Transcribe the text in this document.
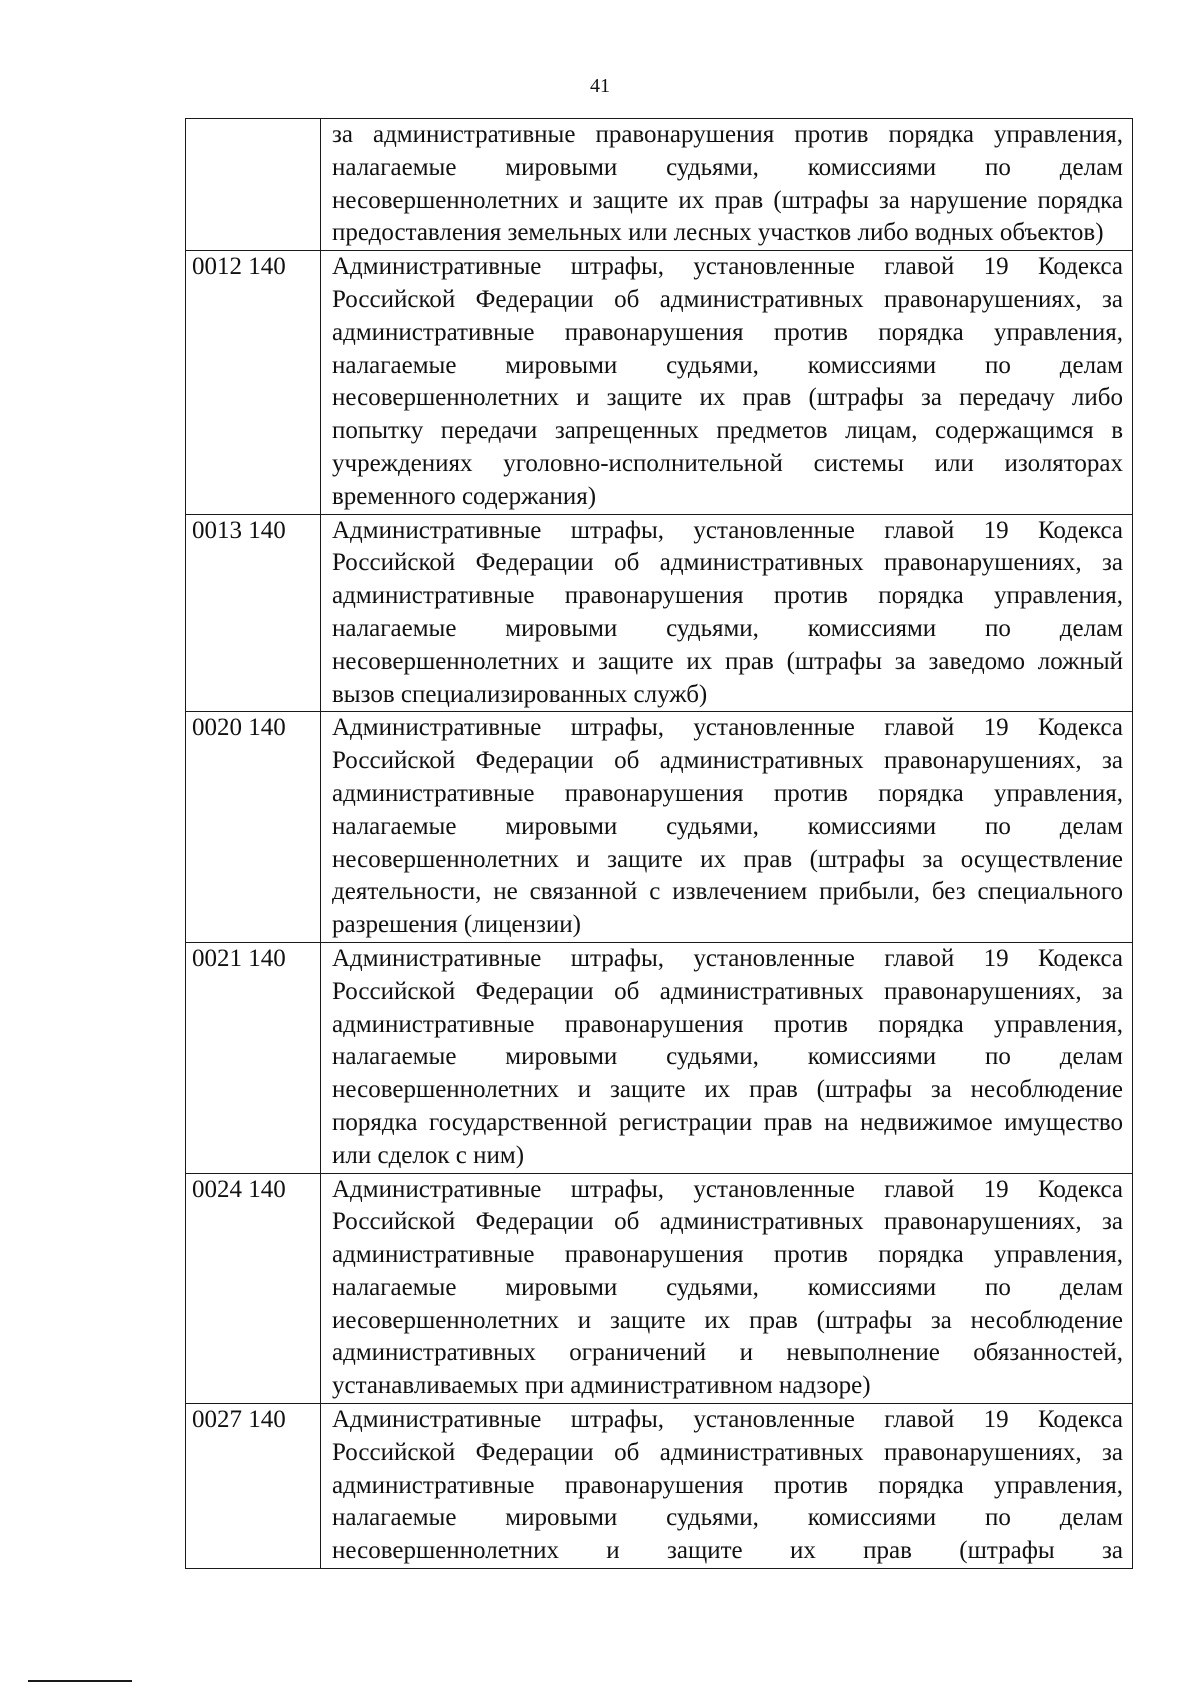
41
	за административные правонарушения против порядка управления, налагаемые мировыми судьями, комиссиями по делам несовершеннолетних и защите их прав (штрафы за нарушение порядка предоставления земельных или лесных участков либо водных объектов)
0012 140	Административные штрафы, установленные главой 19 Кодекса Российской Федерации об административных правонарушениях, за административные правонарушения против порядка управления, налагаемые мировыми судьями, комиссиями по делам несовершеннолетних и защите их прав (штрафы за передачу либо попытку передачи запрещенных предметов лицам, содержащимся в учреждениях уголовно-исполнительной системы или изоляторах временного содержания)
0013 140	Административные штрафы, установленные главой 19 Кодекса Российской Федерации об административных правонарушениях, за административные правонарушения против порядка управления, налагаемые мировыми судьями, комиссиями по делам несовершеннолетних и защите их прав (штрафы за заведомо ложный вызов специализированных служб)
0020 140	Административные штрафы, установленные главой 19 Кодекса Российской Федерации об административных правонарушениях, за административные правонарушения против порядка управления, налагаемые мировыми судьями, комиссиями по делам несовершеннолетних и защите их прав (штрафы за осуществление деятельности, не связанной с извлечением прибыли, без специального разрешения (лицензии)
0021 140	Административные штрафы, установленные главой 19 Кодекса Российской Федерации об административных правонарушениях, за административные правонарушения против порядка управления, налагаемые мировыми судьями, комиссиями по делам несовершеннолетних и защите их прав (штрафы за несоблюдение порядка государственной регистрации прав на недвижимое имущество или сделок с ним)
0024 140	Административные штрафы, установленные главой 19 Кодекса Российской Федерации об административных правонарушениях, за административные правонарушения против порядка управления, налагаемые мировыми судьями, комиссиями по делам иесовершеннолетних и защите их прав (штрафы за несоблюдение административных ограничений и невыполнение обязанностей, устанавливаемых при административном надзоре)
0027 140	Административные штрафы, установленные главой 19 Кодекса Российской Федерации об административных правонарушениях, за административные правонарушения против порядка управления, налагаемые мировыми судьями, комиссиями по делам несовершеннолетних и защите их прав (штрафы за
